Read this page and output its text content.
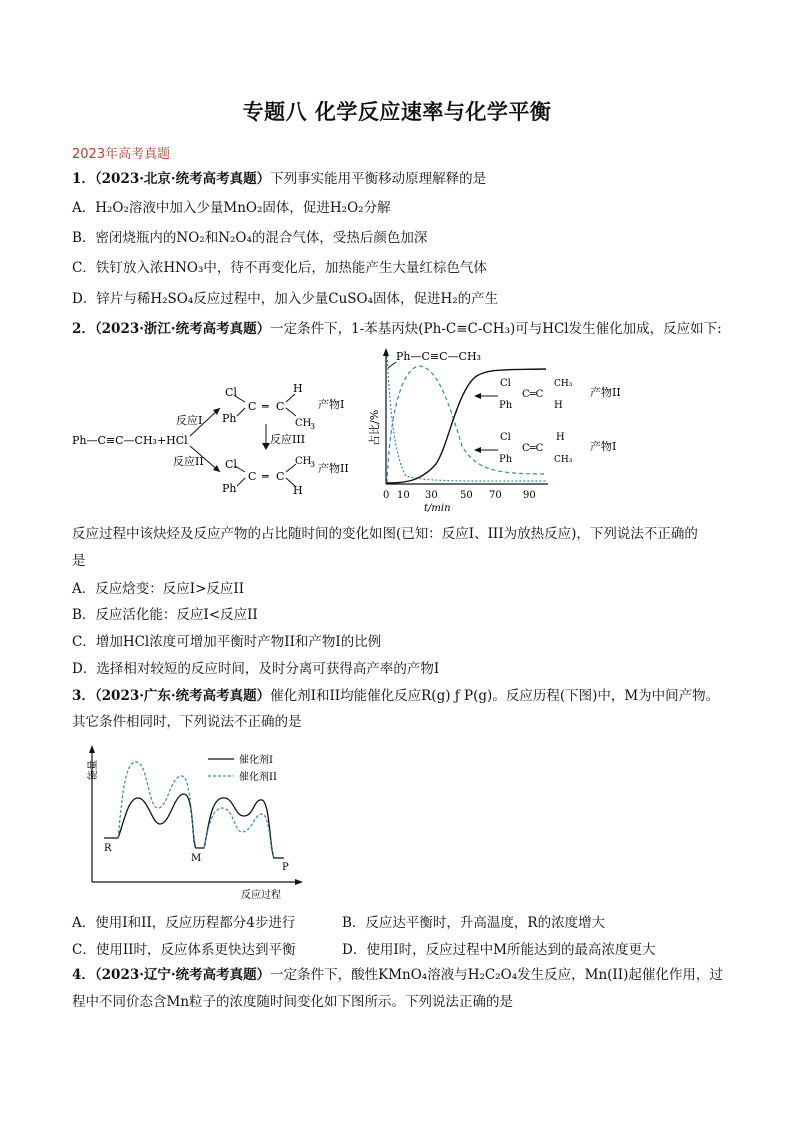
专题八 化学反应速率与化学平衡
2023年高考真题
1．（2023·北京·统考高考真题）下列事实能用平衡移动原理解释的是
A．H₂O₂溶液中加入少量MnO₂固体，促进H₂O₂分解
B．密闭烧瓶内的NO₂和N₂O₄的混合气体，受热后颜色加深
C．铁钉放入浓HNO₃中，待不再变化后，加热能产生大量红棕色气体
D．锌片与稀H₂SO₄反应过程中，加入少量CuSO₄固体，促进H₂的产生
2．（2023·浙江·统考高考真题）一定条件下，1-苯基丙炔(Ph-C≡C-CH₃)可与HCl发生催化加成，反应如下:
Ph—C≡C—CH₃+HCl
反应I
反应II
Cl
Ph
C ═ C
H
CH
3
产物I
反应III
Cl
Ph
C ═ C
CH
3
H
产物II
占比/%
0 10 30 50 70 90
t/min
Ph—C≡C—CH₃
Cl
Ph
C═C
CH₃
H
产物II
Cl
Ph
C═C
H
CH₃
产物I
反应过程中该炔烃及反应产物的占比随时间的变化如图(已知：反应I、III为放热反应)，下列说法不正确的
是
A．反应焓变：反应I>反应II
B．反应活化能：反应I<反应II
C．增加HCl浓度可增加平衡时产物II和产物I的比例
D．选择相对较短的反应时间，及时分离可获得高产率的产物I
3．（2023·广东·统考高考真题）催化剂I和II均能催化反应R(g) ƒ P(g)。反应历程(下图)中，M为中间产物。
其它条件相同时，下列说法不正确的是
能量
反应过程
R
M
P
催化剂I
催化剂II
A．使用I和II，反应历程都分4步进行	B．反应达平衡时，升高温度，R的浓度增大
C．使用II时，反应体系更快达到平衡	D．使用I时，反应过程中M所能达到的最高浓度更大
4．（2023·辽宁·统考高考真题）一定条件下，酸性KMnO₄溶液与H₂C₂O₄发生反应，Mn(II)起催化作用，过
程中不同价态含Mn粒子的浓度随时间变化如下图所示。下列说法正确的是
